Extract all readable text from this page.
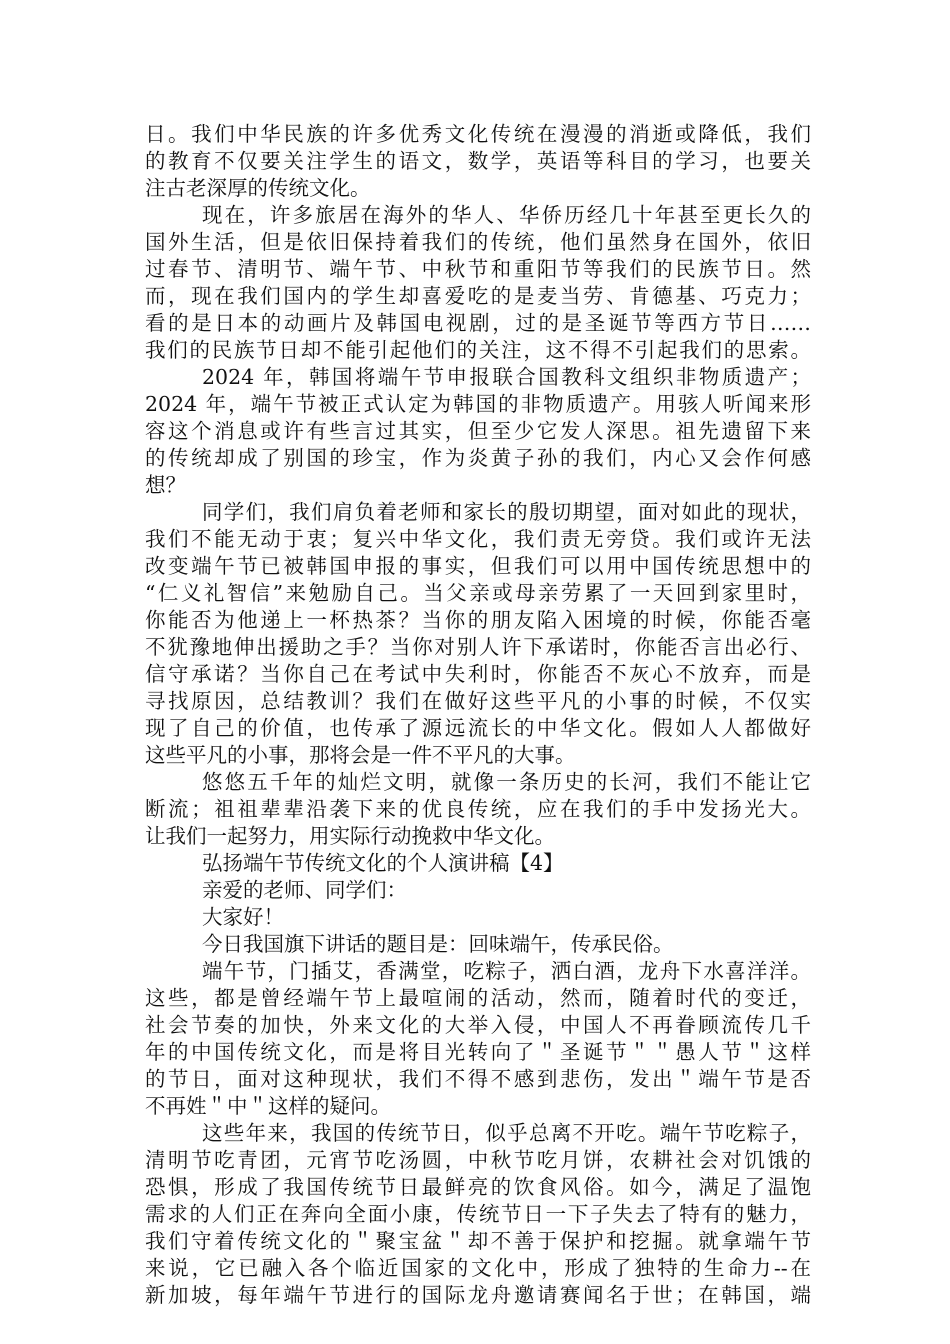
日。我们中华民族的许多优秀文化传统在漫漫的消逝或降低，我们
的教育不仅要关注学生的语文，数学，英语等科目的学习，也要关
注古老深厚的传统文化。
现在，许多旅居在海外的华人、华侨历经几十年甚至更长久的
国外生活，但是依旧保持着我们的传统，他们虽然身在国外，依旧
过春节、清明节、端午节、中秋节和重阳节等我们的民族节日。然
而，现在我们国内的学生却喜爱吃的是麦当劳、肯德基、巧克力；
看的是日本的动画片及韩国电视剧，过的是圣诞节等西方节日……
我们的民族节日却不能引起他们的关注，这不得不引起我们的思索。
2024 年，韩国将端午节申报联合国教科文组织非物质遗产；
2024 年，端午节被正式认定为韩国的非物质遗产。用骇人听闻来形
容这个消息或许有些言过其实，但至少它发人深思。祖先遗留下来
的传统却成了别国的珍宝，作为炎黄子孙的我们，内心又会作何感
想？
同学们，我们肩负着老师和家长的殷切期望，面对如此的现状，
我们不能无动于衷；复兴中华文化，我们责无旁贷。我们或许无法
改变端午节已被韩国申报的事实，但我们可以用中国传统思想中的
“仁义礼智信”来勉励自己。当父亲或母亲劳累了一天回到家里时，
你能否为他递上一杯热茶？当你的朋友陷入困境的时候，你能否毫
不犹豫地伸出援助之手？当你对别人许下承诺时，你能否言出必行、
信守承诺？当你自己在考试中失利时，你能否不灰心不放弃，而是
寻找原因，总结教训？我们在做好这些平凡的小事的时候，不仅实
现了自己的价值，也传承了源远流长的中华文化。假如人人都做好
这些平凡的小事，那将会是一件不平凡的大事。
悠悠五千年的灿烂文明，就像一条历史的长河，我们不能让它
断流；祖祖辈辈沿袭下来的优良传统，应在我们的手中发扬光大。
让我们一起努力，用实际行动挽救中华文化。
弘扬端午节传统文化的个人演讲稿【4】
亲爱的老师、同学们：
大家好！
今日我国旗下讲话的题目是：回味端午，传承民俗。
端午节，门插艾，香满堂，吃粽子，洒白酒，龙舟下水喜洋洋。
这些，都是曾经端午节上最喧闹的活动，然而，随着时代的变迁，
社会节奏的加快，外来文化的大举入侵，中国人不再眷顾流传几千
年的中国传统文化，而是将目光转向了＂圣诞节＂＂愚人节＂这样
的节日，面对这种现状，我们不得不感到悲伤，发出＂端午节是否
不再姓＂中＂这样的疑问。
这些年来，我国的传统节日，似乎总离不开吃。端午节吃粽子，
清明节吃青团，元宵节吃汤圆，中秋节吃月饼，农耕社会对饥饿的
恐惧，形成了我国传统节日最鲜亮的饮食风俗。如今，满足了温饱
需求的人们正在奔向全面小康，传统节日一下子失去了特有的魅力，
我们守着传统文化的＂聚宝盆＂却不善于保护和挖掘。就拿端午节
来说，它已融入各个临近国家的文化中，形成了独特的生命力--在
新加坡，每年端午节进行的国际龙舟邀请赛闻名于世；在韩国，端
